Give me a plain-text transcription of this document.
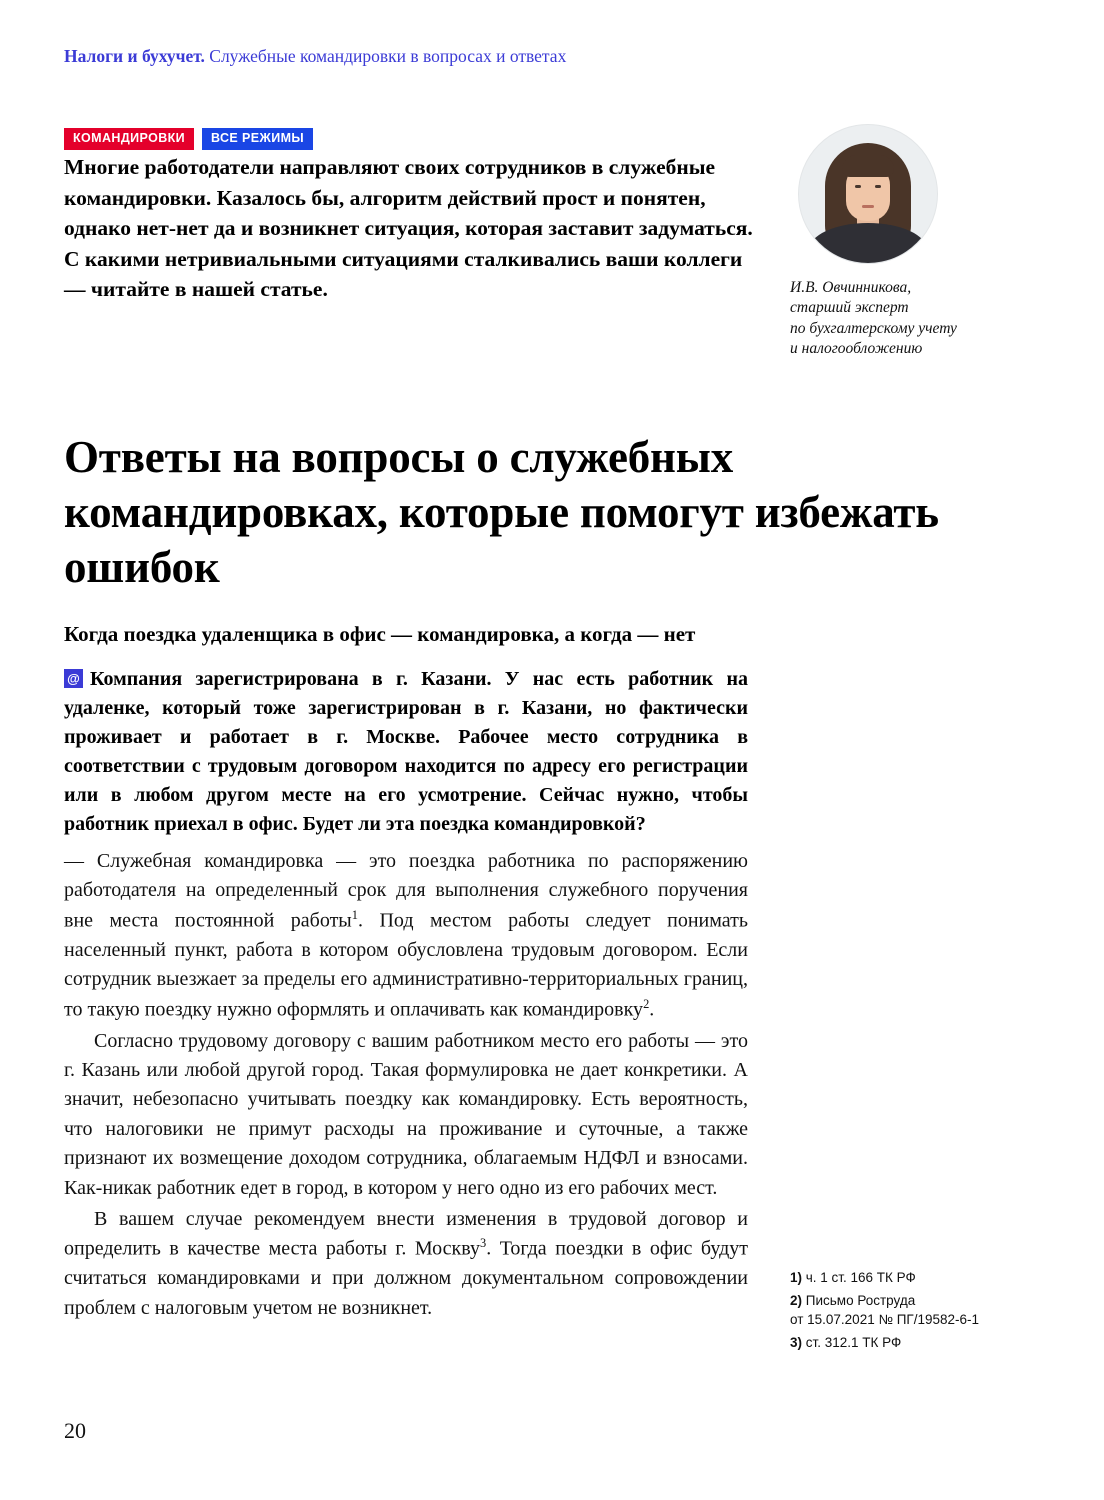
Налоги и бухучет. Служебные командировки в вопросах и ответах
КОМАНДИРОВКИ	ВСЕ РЕЖИМЫ
Многие работодатели направляют своих сотрудников в служебные командировки. Казалось бы, алгоритм действий прост и понятен, однако нет-нет да и возникнет ситуация, которая заставит задуматься. С какими нетривиальными ситуациями сталкивались ваши коллеги — читайте в нашей статье.	И.В. Овчинникова,
старший эксперт
по бухгалтерскому учету
и налогообложению
Ответы на вопросы о служебных командировках, которые помогут избежать ошибок
Когда поездка удаленщика в офис — командировка, а когда — нет

@ Компания зарегистрирована в г. Казани. У нас есть работник на удаленке, который тоже зарегистрирован в г. Казани, но фактически проживает и работает в г. Москве. Рабочее место сотрудника в соответствии с трудовым договором находится по адресу его регистрации или в любом другом месте на его усмотрение. Сейчас нужно, чтобы работник приехал в офис. Будет ли эта поездка командировкой?

— Служебная командировка — это поездка работника по распоряжению работодателя на определенный срок для выполнения служебного поручения вне места постоянной работы$^1$. Под местом работы следует понимать населенный пункт, работа в котором обусловлена трудовым договором. Если сотрудник выезжает за пределы его административно-территориальных границ, то такую поездку нужно оформлять и оплачивать как командировку$^2$.

Согласно трудовому договору с вашим работником место его работы — это г. Казань или любой другой город. Такая формулировка не дает конкретики. А значит, небезопасно учитывать поездку как командировку. Есть вероятность, что налоговики не примут расходы на проживание и суточные, а также признают их возмещение доходом сотрудника, облагаемым НДФЛ и взносами. Как-никак работник едет в город, в котором у него одно из его рабочих мест.

В вашем случае рекомендуем внести изменения в трудовой договор и определить в качестве места работы г. Москву$^3$. Тогда поездки в офис будут считаться командировками и при должном документальном сопровождении проблем с налоговым учетом не возникнет.

1) ч. 1 ст. 166 ТК РФ
2) Письмо Роструда
от 15.07.2021 № ПГ/19582-6-1
3) ст. 312.1 ТК РФ
20
